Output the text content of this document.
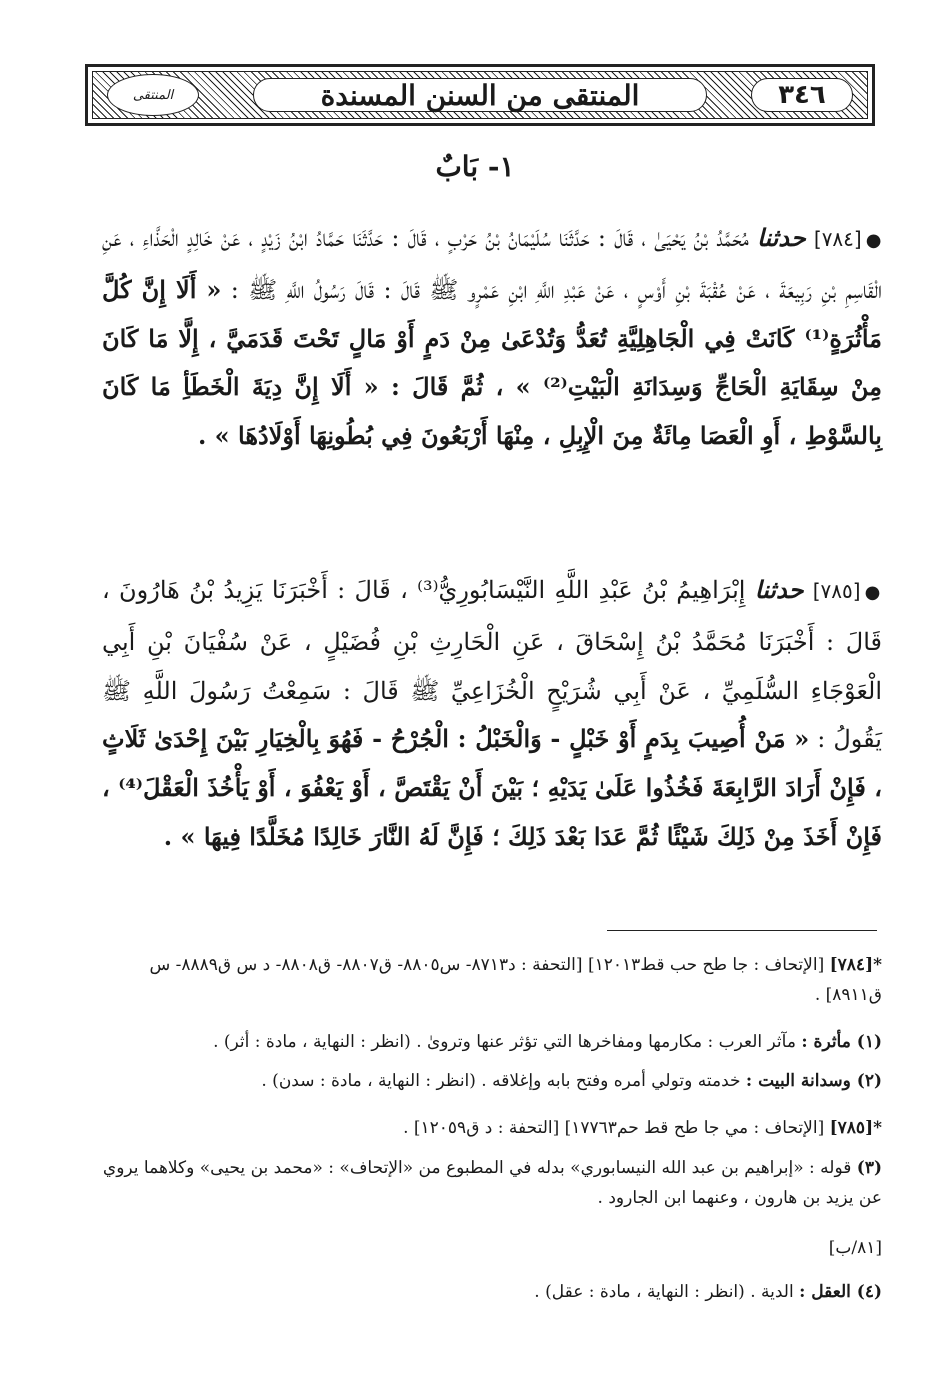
المنتقى	المنتقى من السنن المسندة	٣٤٦
١- بَابٌ
●[٧٨٤] حدثنا مُحَمَّدُ بْنُ يَحْيَىٰ ، قَالَ : حَدَّثَنَا سُلَيْمَانُ بْنُ حَرْبٍ ، قَالَ : حَدَّثَنَا حَمَّادُ ابْنُ زَيْدٍ ، عَنْ خَالِدٍ الْحَذَّاءِ ، عَنِ الْقَاسِمِ بْنِ رَبِيعَةَ ، عَنْ عُقْبَةَ بْنِ أَوْسٍ ، عَنْ عَبْدِ اللَّهِ ابْنِ عَمْرٍو ﷺ قَالَ : قَالَ رَسُولُ اللَّهِ ﷺ : « أَلَا إِنَّ كُلَّ مَأْثُرَةٍ⁽¹⁾ كَانَتْ فِي الْجَاهِلِيَّةِ تُعَدُّ وَتُدْعَىٰ مِنْ دَمٍ أَوْ مَالٍ تَحْتَ قَدَمَيَّ ، إِلَّا مَا كَانَ مِنْ سِقَايَةِ الْحَاجِّ وَسِدَانَةِ الْبَيْتِ⁽²⁾ » ، ثُمَّ قَالَ : « أَلَا إِنَّ دِيَةَ الْخَطَأِ مَا كَانَ بِالسَّوْطِ ، أَوِ الْعَصَا مِائَةٌ مِنَ الْإِبِلِ ، مِنْهَا أَرْبَعُونَ فِي بُطُونِهَا أَوْلَادُهَا » .
●[٧٨٥] حدثنا إِبْرَاهِيمُ بْنُ عَبْدِ اللَّهِ النَّيْسَابُورِيُّ⁽³⁾ ، قَالَ : أَخْبَرَنَا يَزِيدُ بْنُ هَارُونَ ، قَالَ : أَخْبَرَنَا مُحَمَّدُ بْنُ إِسْحَاقَ ، عَنِ الْحَارِثِ بْنِ فُضَيْلٍ ، عَنْ سُفْيَانَ بْنِ أَبِي الْعَوْجَاءِ السُّلَمِيِّ ، عَنْ أَبِي شُرَيْحٍ الْخُزَاعِيِّ ﷺ قَالَ : سَمِعْتُ رَسُولَ اللَّهِ ﷺ يَقُولُ : « مَنْ أُصِيبَ بِدَمٍ أَوْ خَبْلٍ - وَالْخَبْلُ : الْجُرْحُ - فَهُوَ بِالْخِيَارِ بَيْنَ إِحْدَىٰ ثَلَاثٍ ، فَإِنْ أَرَادَ الرَّابِعَةَ فَخُذُوا عَلَىٰ يَدَيْهِ ؛ بَيْنَ أَنْ يَقْتَصَّ ، أَوْ يَعْفُوَ ، أَوْ يَأْخُذَ الْعَقْلَ⁽⁴⁾ ، فَإِنْ أَخَذَ مِنْ ذَلِكَ شَيْئًا ثُمَّ عَدَا بَعْدَ ذَلِكَ ؛ فَإِنَّ لَهُ النَّارَ خَالِدًا مُخَلَّدًا فِيهَا » .
*[٧٨٤] [الإتحاف : جا طح حب قط١٢٠١٣] [التحفة : د٨٧١٣- س٨٨٠٥- ق٨٨٠٧- ق٨٨٠٨- د س ق٨٨٨٩- س ق٨٩١١] .
(١) مأثرة : مآثر العرب : مكارمها ومفاخرها التي تؤثر عنها وتروىٰ . (انظر : النهاية ، مادة : أثر) .
(٢) وسدانة البيت : خدمته وتولي أمره وفتح بابه وإغلاقه . (انظر : النهاية ، مادة : سدن) .
*[٧٨٥] [الإتحاف : مي جا طح قط حم١٧٧٦٣] [التحفة : د ق١٢٠٥٩] .
(٣) قوله : «إبراهيم بن عبد الله النيسابوري» بدله في المطبوع من «الإتحاف» : «محمد بن يحيى» وكلاهما يروي عن يزيد بن هارون ، وعنهما ابن الجارود .
[٨١/ب]
(٤) العقل : الدية . (انظر : النهاية ، مادة : عقل) .
